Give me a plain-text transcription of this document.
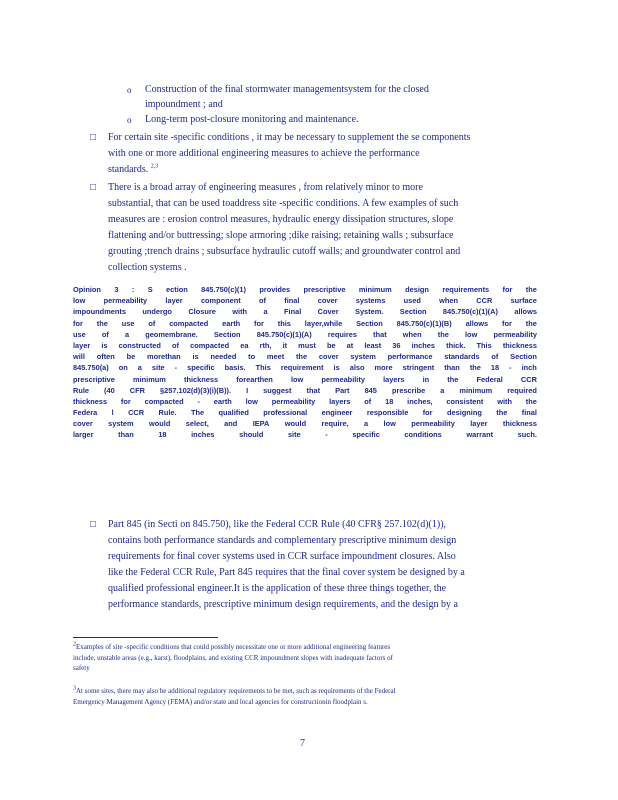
o Construction of the final stormwater managementsystem for the closed
impoundment ; and
o Long-term post-closure monitoring and maintenance.
□ For certain site -specific conditions , it may be necessary to supplement the se components
with one or more additional engineering measures to achieve the performance
standards. $^{2,3}$
□ There is a broad array of engineering measures , from relatively minor to more
substantial, that can be used toaddress site -specific conditions. A few examples of such
measures are : erosion control measures, hydraulic energy dissipation structures, slope
flattening and/or buttressing; slope armoring ;dike raising; retaining walls ; subsurface
grouting ;trench drains ; subsurface hydraulic cutoff walls; and groundwater control and
collection systems .
Opinion 3 : S ection 845.750(c)(1) provides prescriptive minimum design requirements for the
low permeability layer component of final cover systems used when CCR surface
impoundments undergo Closure with a Final Cover System. Section 845.750(c)(1)(A) allows
for the use of compacted earth for this layer,while Section 845.750(c)(1)(B) allows for the
use of a geomembrane. Section 845.750(c)(1)(A) requires that when the low permeability
layer is constructed of compacted ea rth, it must be at least 36 inches thick. This thickness
will often be morethan is needed to meet the cover system performance standards of Section
845.750(a) on a site - specific basis. This requirement is also more stringent than the 18 - inch
prescriptive minimum thickness forearthen low permeability layers in the Federal CCR
Rule (40 CFR §257.102(d)(3)(i)(B)). I suggest that Part 845 prescribe a minimum required
thickness for compacted - earth low permeability layers of 18 inches, consistent with the
Federa l CCR Rule. The qualified professional engineer responsible for designing the final
cover system would select, and IEPA would require, a low permeability layer thickness
larger	than	18	inches	should	site	-	specific	conditions	warrant	such.
□ Part 845 (in Secti on 845.750), like the Federal CCR Rule (40 CFR§ 257.102(d)(1)),
contains both performance standards and complementary prescriptive minimum design
requirements for final cover systems used in CCR surface impoundment closures. Also
like the Federal CCR Rule, Part 845 requires that the final cover system be designed by a
qualified professional engineer.It is the application of these three things together, the
performance standards, prescriptive minimum design requirements, and the design by a
$^2$Examples of site -specific conditions that could possibly necessitate one or more additional engineering features
include, unstable areas (e.g., karst), floodplains, and existing CCR impoundment slopes with inadequate factors of
safety
$^3$At some sites, there may also be additional regulatory requirements to be met, such as requirements of the Federal
Emergency Management Agency (FEMA) and/or state and local agencies for constructionin floodplain s.
7
